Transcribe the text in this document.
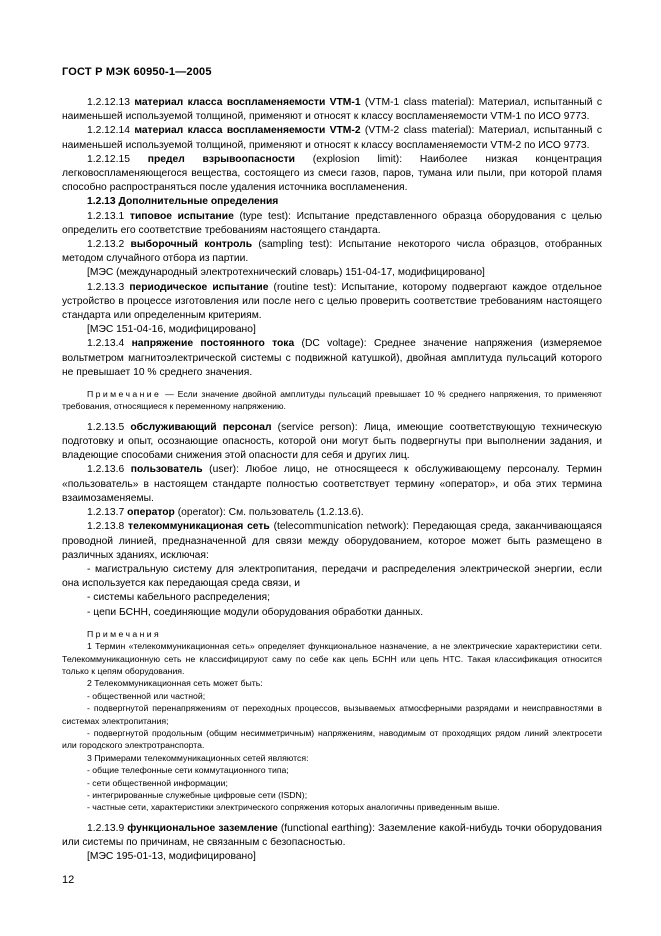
ГОСТ Р МЭК 60950-1—2005

1.2.12.13 материал класса воспламеняемости VTM-1 (VTM-1 class material): Материал, испытанный с наименьшей используемой толщиной, применяют и относят к классу воспламеняемости VTM-1 по ИСО 9773.

1.2.12.14 материал класса воспламеняемости VTM-2 (VTM-2 class material): Материал, испытанный с наименьшей используемой толщиной, применяют и относят к классу воспламеняемости VTM-2 по ИСО 9773.

1.2.12.15 предел взрывоопасности (explosion limit): Наиболее низкая концентрация легковоспламеняющегося вещества, состоящего из смеси газов, паров, тумана или пыли, при которой пламя способно распространяться после удаления источника воспламенения.

1.2.13 Дополнительные определения

1.2.13.1 типовое испытание (type test): Испытание представленного образца оборудования с целью определить его соответствие требованиям настоящего стандарта.

1.2.13.2 выборочный контроль (sampling test): Испытание некоторого числа образцов, отобранных методом случайного отбора из партии.

[МЭС (международный электротехнический словарь) 151-04-17, модифицировано]

1.2.13.3 периодическое испытание (routine test): Испытание, которому подвергают каждое отдельное устройство в процессе изготовления или после него с целью проверить соответствие требованиям настоящего стандарта или определенным критериям.

[МЭС 151-04-16, модифицировано]

1.2.13.4 напряжение постоянного тока (DC voltage): Среднее значение напряжения (измеряемое вольтметром магнитоэлектрической системы с подвижной катушкой), двойная амплитуда пульсаций которого не превышает 10 % среднего значения.

Примечание — Если значение двойной амплитуды пульсаций превышает 10 % среднего напряжения, то применяют требования, относящиеся к переменному напряжению.

1.2.13.5 обслуживающий персонал (service person): Лица, имеющие соответствующую техническую подготовку и опыт, осознающие опасность, которой они могут быть подвергнуты при выполнении задания, и владеющие способами снижения этой опасности для себя и других лиц.

1.2.13.6 пользователь (user): Любое лицо, не относящееся к обслуживающему персоналу. Термин «пользователь» в настоящем стандарте полностью соответствует термину «оператор», и оба этих термина взаимозаменяемы.

1.2.13.7 оператор (operator): См. пользователь (1.2.13.6).

1.2.13.8 телекоммуникационая сеть (telecommunication network): Передающая среда, заканчивающаяся проводной линией, предназначенной для связи между оборудованием, которое может быть размещено в различных зданиях, исключая:

- магистральную систему для электропитания, передачи и распределения электрической энергии, если она используется как передающая среда связи, и

- системы кабельного распределения;

- цепи БСНН, соединяющие модули оборудования обработки данных.

Примечания

1 Термин «телекоммуникационная сеть» определяет функциональное назначение, а не электрические характеристики сети. Телекоммуникационную сеть не классифицируют саму по себе как цепь БСНН или цепь НТС. Такая классификация относится только к цепям оборудования.

2 Телекоммуникационная сеть может быть:

- общественной или частной;

- подвергнутой перенапряжениям от переходных процессов, вызываемых атмосферными разрядами и неисправностями в системах электропитания;

- подвергнутой продольным (общим несимметричным) напряжениям, наводимым от проходящих рядом линий электросети или городского электротранспорта.

3 Примерами телекоммуникационных сетей являются:

- общие телефонные сети коммутационного типа;

- сети общественной информации;

- интегрированные служебные цифровые сети (ISDN);

- частные сети, характеристики электрического сопряжения которых аналогичны приведенным выше.

1.2.13.9 функциональное заземление (functional earthing): Заземление какой-нибудь точки оборудования или системы по причинам, не связанным с безопасностью.

[МЭС 195-01-13, модифицировано]

12
